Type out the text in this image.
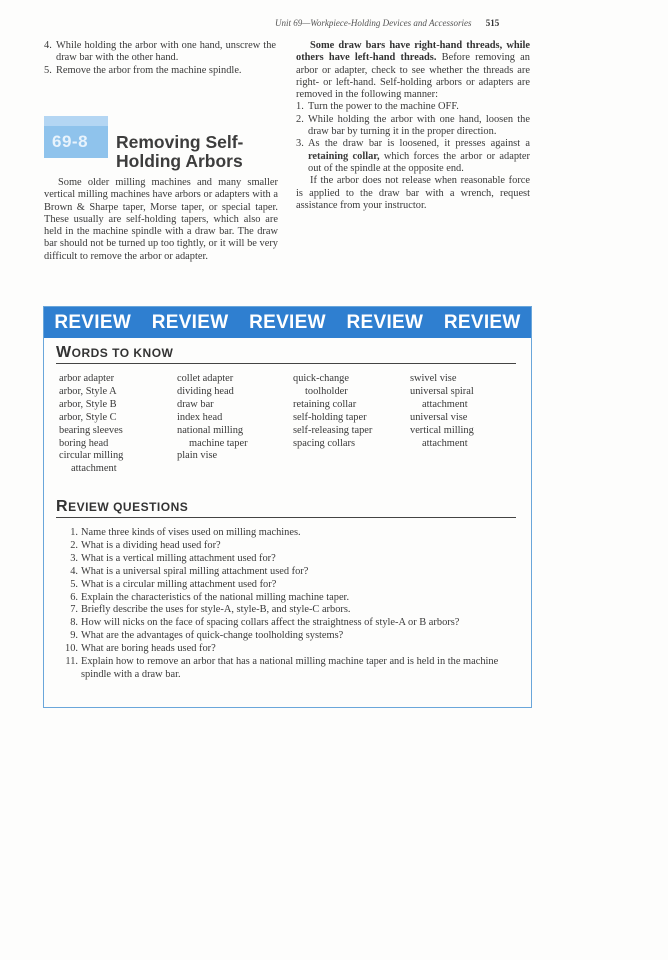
Unit 69—Workpiece-Holding Devices and Accessories 515
4. While holding the arbor with one hand, unscrew the draw bar with the other hand.
5. Remove the arbor from the machine spindle.
69-8 Removing Self-
Holding Arbors
Some older milling machines and many smaller vertical milling machines have arbors or adapters with a Brown & Sharpe taper, Morse taper, or special taper. These usually are self-holding tapers, which also are held in the machine spindle with a draw bar. The draw bar should not be turned up too tightly, or it will be very difficult to remove the arbor or adapter.

Some draw bars have right-hand threads, while others have left-hand threads. Before removing an arbor or adapter, check to see whether the threads are right- or left-hand. Self-holding arbors or adapters are removed in the following manner:

1. Turn the power to the machine OFF.
2. While holding the arbor with one hand, loosen the draw bar by turning it in the proper direction.
3. As the draw bar is loosened, it presses against a retaining collar, which forces the arbor or adapter out of the spindle at the opposite end.

If the arbor does not release when reasonable force is applied to the draw bar with a wrench, request assistance from your instructor.

REVIEW REVIEW REVIEW REVIEW REVIEW
WORDS TO KNOW
arbor adapter
arbor, Style A
arbor, Style B
arbor, Style C
bearing sleeves
boring head
circular milling
attachment
collet adapter
dividing head
draw bar
index head
national milling
machine taper
plain vise
quick-change
toolholder
retaining collar
self-holding taper
self-releasing taper
spacing collars
swivel vise
universal spiral
attachment
universal vise
vertical milling
attachment
REVIEW QUESTIONS
1. Name three kinds of vises used on milling machines.
2. What is a dividing head used for?
3. What is a vertical milling attachment used for?
4. What is a universal spiral milling attachment used for?
5. What is a circular milling attachment used for?
6. Explain the characteristics of the national milling machine taper.
7. Briefly describe the uses for style-A, style-B, and style-C arbors.
8. How will nicks on the face of spacing collars affect the straightness of style-A or B arbors?
9. What are the advantages of quick-change toolholding systems?
10. What are boring heads used for?
11. Explain how to remove an arbor that has a national milling machine taper and is held in the machine spindle with a draw bar.
